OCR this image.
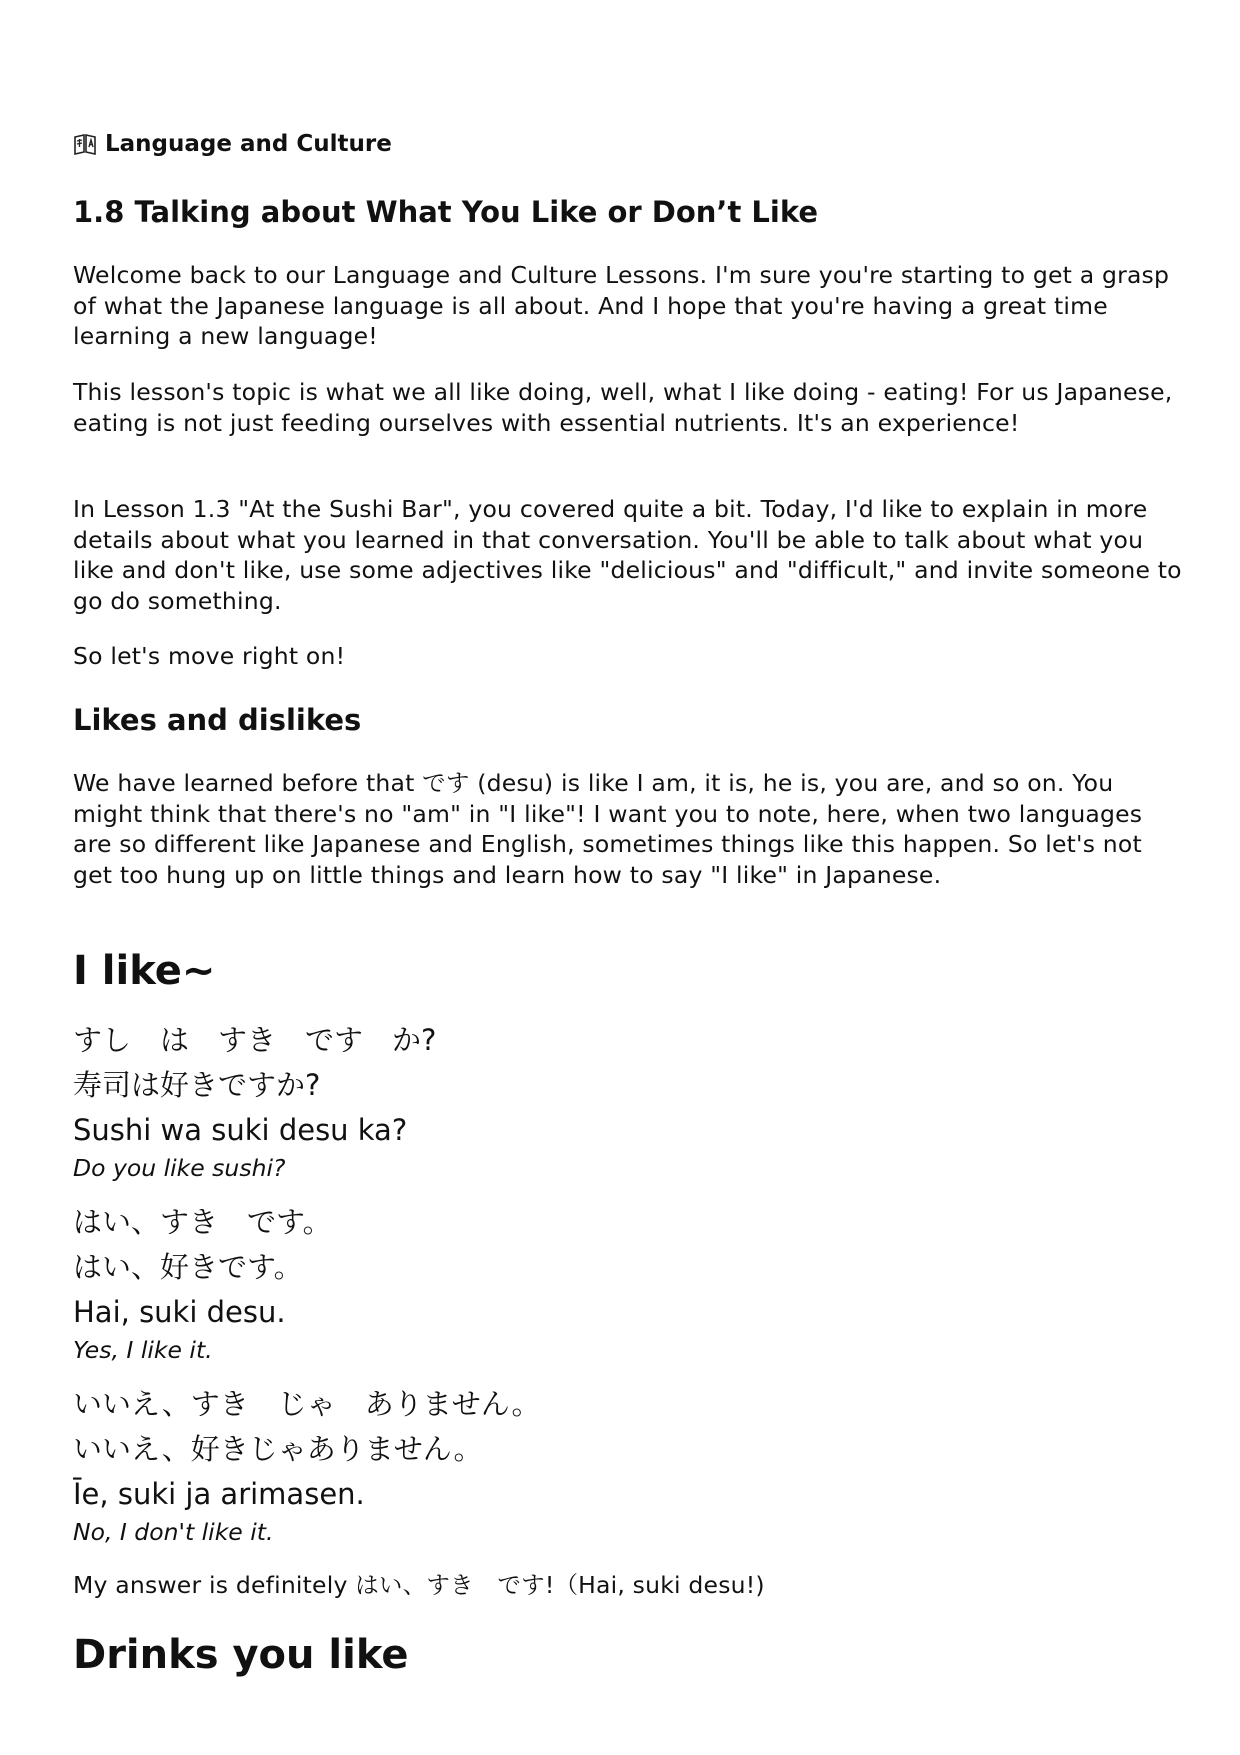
Language and Culture
1.8 Talking about What You Like or Don’t Like

Welcome back to our Language and Culture Lessons. I'm sure you're starting to get a grasp of what the Japanese language is all about. And I hope that you're having a great time learning a new language!

This lesson's topic is what we all like doing, well, what I like doing - eating! For us Japanese, eating is not just feeding ourselves with essential nutrients. It's an experience!

In Lesson 1.3 "At the Sushi Bar", you covered quite a bit. Today, I'd like to explain in more details about what you learned in that conversation. You'll be able to talk about what you like and don't like, use some adjectives like "delicious" and "difficult," and invite someone to go do something.

So let's move right on!

Likes and dislikes

We have learned before that です (desu) is like I am, it is, he is, you are, and so on. You might think that there's no "am" in "I like"! I want you to note, here, when two languages are so different like Japanese and English, sometimes things like this happen. So let's not get too hung up on little things and learn how to say "I like" in Japanese.

I like~
すし　は　すき　です　か?
寿司は好きですか?
Sushi wa suki desu ka?
Do you like sushi?
はい、すき　です。
はい、好きです。
Hai, suki desu.
Yes, I like it.
いいえ、すき　じゃ　ありません。
いいえ、好きじゃありません。
Īe, suki ja arimasen.
No, I don't like it.

My answer is definitely はい、すき　です!（Hai, suki desu!)

Drinks you like
